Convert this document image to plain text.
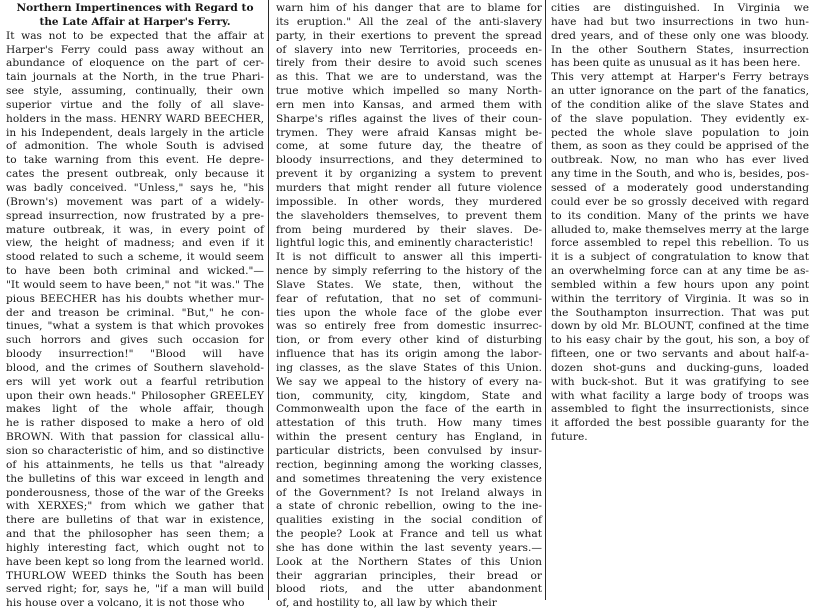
Northern Impertinences with Regard to
the Late Affair at Harper's Ferry.
It was not to be expected that the affair at
Harper's Ferry could pass away without an
abundance of eloquence on the part of cer-
tain journals at the North, in the true Phari-
see style, assuming, continually, their own
superior virtue and the folly of all slave-
holders in the mass. HENRY WARD BEECHER,
in his Independent, deals largely in the article
of admonition. The whole South is advised
to take warning from this event. He depre-
cates the present outbreak, only because it
was badly conceived. "Unless," says he, "his
(Brown's) movement was part of a widely-
spread insurrection, now frustrated by a pre-
mature outbreak, it was, in every point of
view, the height of madness; and even if it
stood related to such a scheme, it would seem
to have been both criminal and wicked."—
"It would seem to have been," not "it was." The
pious BEECHER has his doubts whether mur-
der and treason be criminal. "But," he con-
tinues, "what a system is that which provokes
such horrors and gives such occasion for
bloody insurrection!" "Blood will have
blood, and the crimes of Southern slavehold-
ers will yet work out a fearful retribution
upon their own heads." Philosopher GREELEY
makes light of the whole affair, though
he is rather disposed to make a hero of old
BROWN. With that passion for classical allu-
sion so characteristic of him, and so distinctive
of his attainments, he tells us that "already
the bulletins of this war exceed in length and
ponderousness, those of the war of the Greeks
with XERXES;" from which we gather that
there are bulletins of that war in existence,
and that the philosopher has seen them; a
highly interesting fact, which ought not to
have been kept so long from the learned world.
THURLOW WEED thinks the South has been
served right; for, says he, "if a man will build
his house over a volcano, it is not those who
warn him of his danger that are to blame for
its eruption." All the zeal of the anti-slavery
party, in their exertions to prevent the spread
of slavery into new Territories, proceeds en-
tirely from their desire to avoid such scenes
as this. That we are to understand, was the
true motive which impelled so many North-
ern men into Kansas, and armed them with
Sharpe's rifles against the lives of their coun-
trymen. They were afraid Kansas might be-
come, at some future day, the theatre of
bloody insurrections, and they determined to
prevent it by organizing a system to prevent
murders that might render all future violence
impossible. In other words, they murdered
the slaveholders themselves, to prevent them
from being murdered by their slaves. De-
lightful logic this, and eminently characteristic!
It is not difficult to answer all this imperti-
nence by simply referring to the history of the
Slave States. We state, then, without the
fear of refutation, that no set of communi-
ties upon the whole face of the globe ever
was so entirely free from domestic insurrec-
tion, or from every other kind of disturbing
influence that has its origin among the labor-
ing classes, as the slave States of this Union.
We say we appeal to the history of every na-
tion, community, city, kingdom, State and
Commonwealth upon the face of the earth in
attestation of this truth. How many times
within the present century has England, in
particular districts, been convulsed by insur-
rection, beginning among the working classes,
and sometimes threatening the very existence
of the Government? Is not Ireland always in
a state of chronic rebellion, owing to the ine-
qualities existing in the social condition of
the people? Look at France and tell us what
she has done within the last seventy years.—
Look at the Northern States of this Union
their aggrarian principles, their bread or
blood riots, and the utter abandonment
of, and hostility to, all law by which their
cities are distinguished. In Virginia we
have had but two insurrections in two hun-
dred years, and of these only one was bloody.
In the other Southern States, insurrection
has been quite as unusual as it has been here.
This very attempt at Harper's Ferry betrays
an utter ignorance on the part of the fanatics,
of the condition alike of the slave States and
of the slave population. They evidently ex-
pected the whole slave population to join
them, as soon as they could be apprised of the
outbreak. Now, no man who has ever lived
any time in the South, and who is, besides, pos-
sessed of a moderately good understanding
could ever be so grossly deceived with regard
to its condition. Many of the prints we have
alluded to, make themselves merry at the large
force assembled to repel this rebellion. To us
it is a subject of congratulation to know that
an overwhelming force can at any time be as-
sembled within a few hours upon any point
within the territory of Virginia. It was so in
the Southampton insurrection. That was put
down by old Mr. BLOUNT, confined at the time
to his easy chair by the gout, his son, a boy of
fifteen, one or two servants and about half-a-
dozen shot-guns and ducking-guns, loaded
with buck-shot. But it was gratifying to see
with what facility a large body of troops was
assembled to fight the insurrectionists, since
it afforded the best possible guaranty for the
future.
